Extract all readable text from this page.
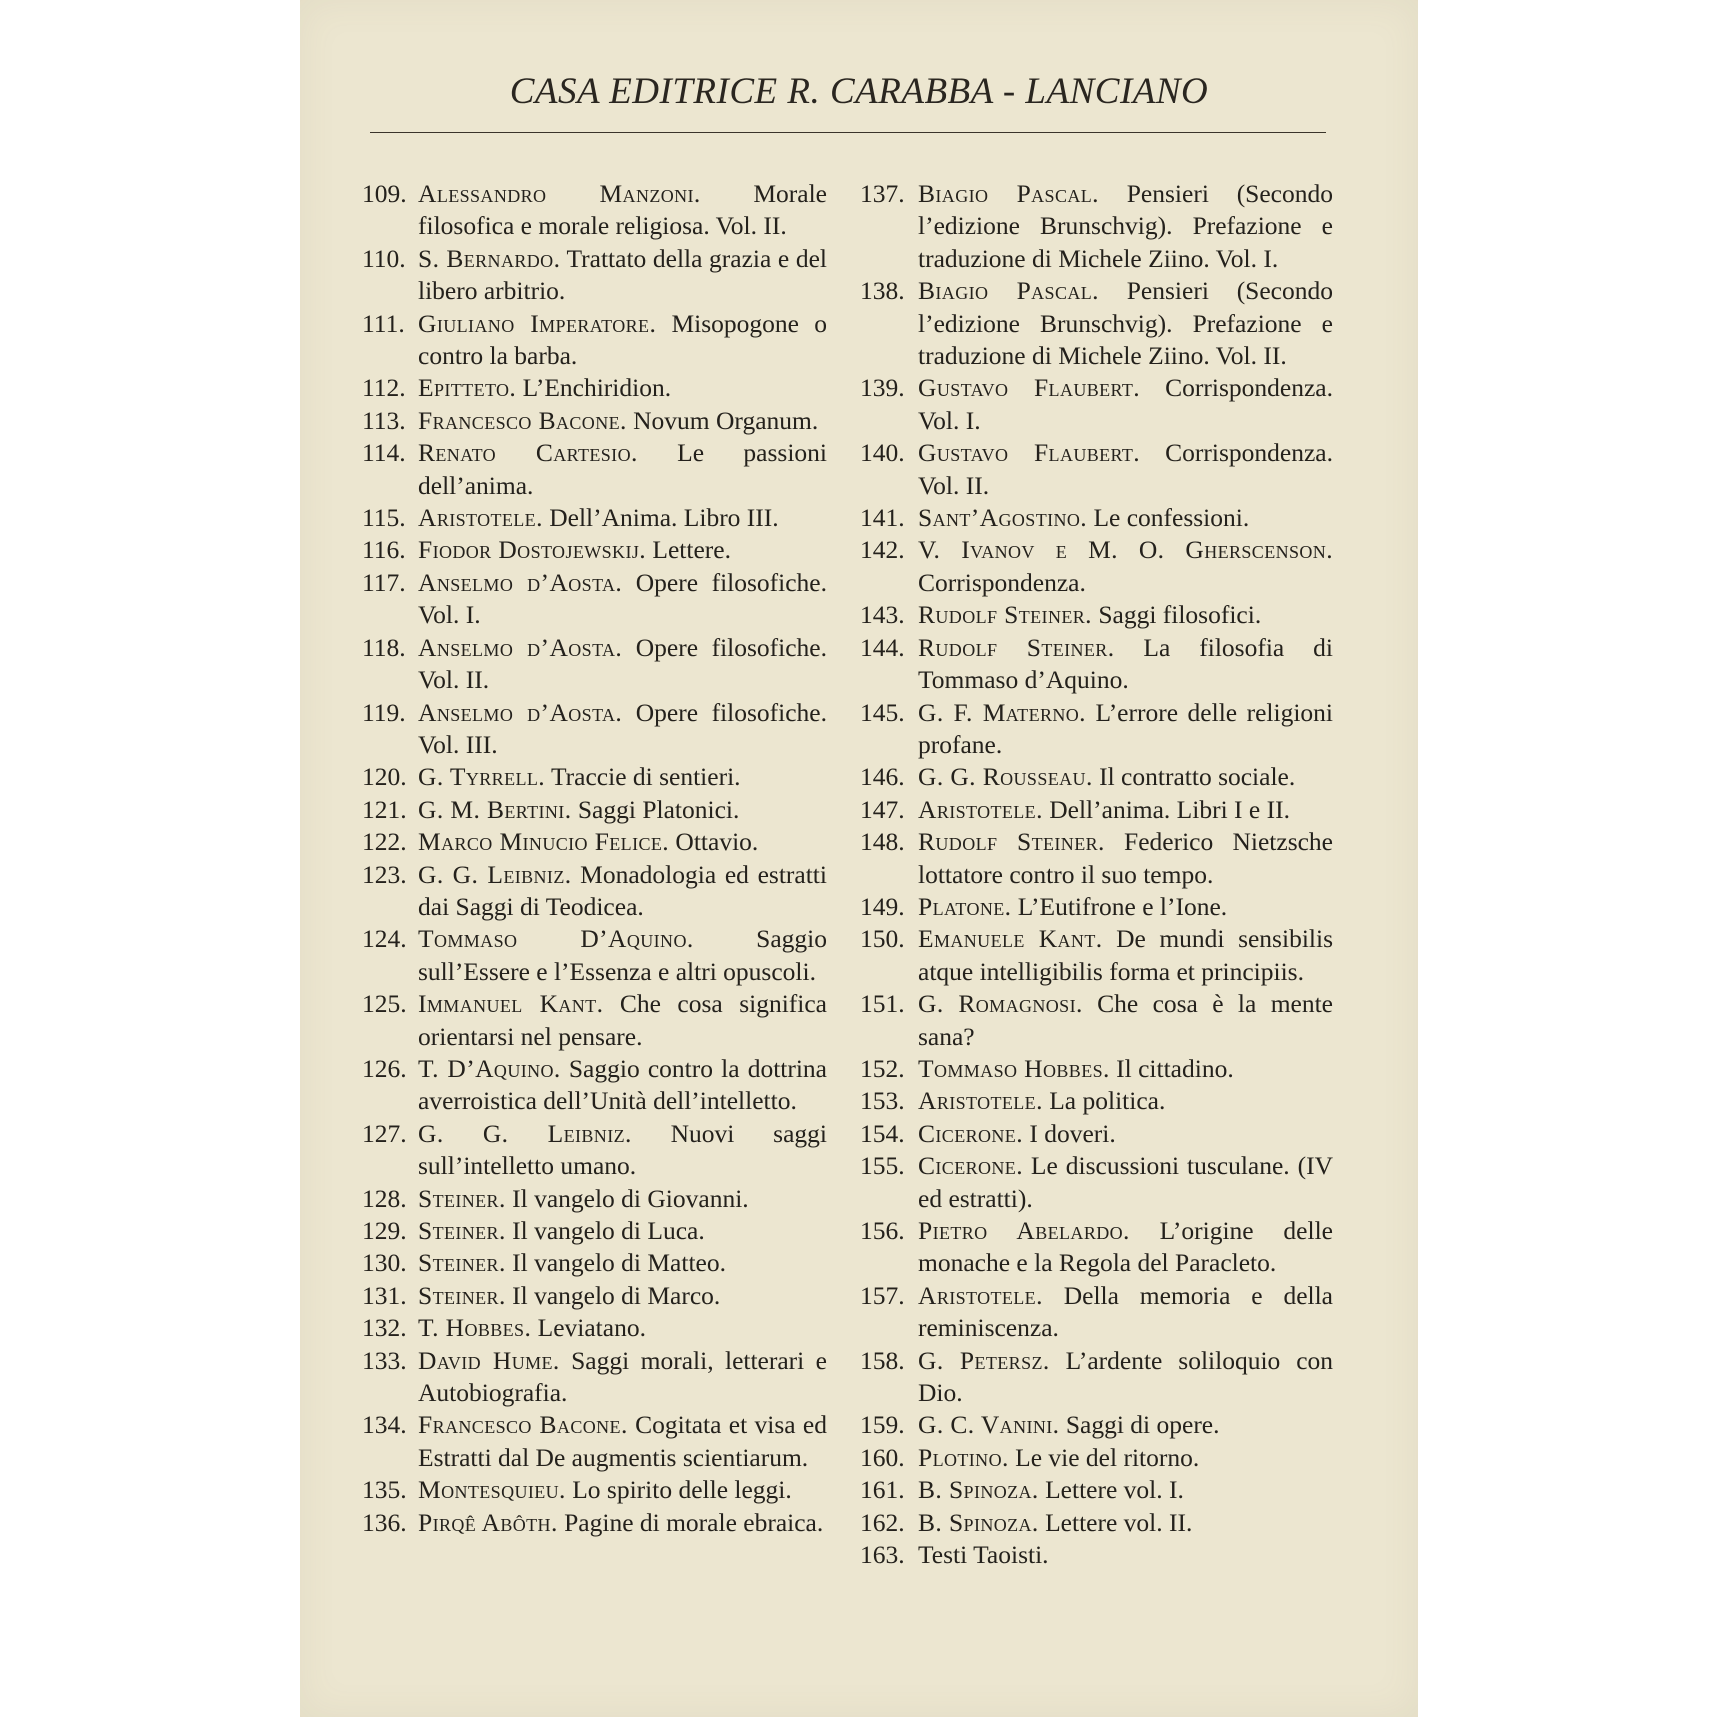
CASA EDITRICE R. CARABBA - LANCIANO
109. Alessandro Manzoni. Morale filosofica e morale religiosa. Vol. II.
110. S. Bernardo. Trattato della grazia e del libero arbitrio.
111. Giuliano Imperatore. Misopogone o contro la barba.
112. Epitteto. L’Enchiridion.
113. Francesco Bacone. Novum Organum.
114. Renato Cartesio. Le passioni dell’anima.
115. Aristotele. Dell’Anima. Libro III.
116. Fiodor Dostojewskij. Lettere.
117. Anselmo d’Aosta. Opere filosofiche. Vol. I.
118. Anselmo d’Aosta. Opere filosofiche. Vol. II.
119. Anselmo d’Aosta. Opere filosofiche. Vol. III.
120. G. Tyrrell. Traccie di sentieri.
121. G. M. Bertini. Saggi Platonici.
122. Marco Minucio Felice. Ottavio.
123. G. G. Leibniz. Monadologia ed estratti dai Saggi di Teodicea.
124. Tommaso D’Aquino. Saggio sull’Essere e l’Essenza e altri opuscoli.
125. Immanuel Kant. Che cosa significa orientarsi nel pensare.
126. T. D’Aquino. Saggio contro la dottrina averroistica dell’Unità dell’intelletto.
127. G. G. Leibniz. Nuovi saggi sull’intelletto umano.
128. Steiner. Il vangelo di Giovanni.
129. Steiner. Il vangelo di Luca.
130. Steiner. Il vangelo di Matteo.
131. Steiner. Il vangelo di Marco.
132. T. Hobbes. Leviatano.
133. David Hume. Saggi morali, letterari e Autobiografia.
134. Francesco Bacone. Cogitata et visa ed Estratti dal De augmentis scientiarum.
135. Montesquieu. Lo spirito delle leggi.
136. Pirqê Abôth. Pagine di morale ebraica.
137. Biagio Pascal. Pensieri (Secondo l’edizione Brunschvig). Prefazione e traduzione di Michele Ziino. Vol. I.
138. Biagio Pascal. Pensieri (Secondo l’edizione Brunschvig). Prefazione e traduzione di Michele Ziino. Vol. II.
139. Gustavo Flaubert. Corrispondenza. Vol. I.
140. Gustavo Flaubert. Corrispondenza. Vol. II.
141. Sant’Agostino. Le confessioni.
142. V. Ivanov e M. O. Gherscenson. Corrispondenza.
143. Rudolf Steiner. Saggi filosofici.
144. Rudolf Steiner. La filosofia di Tommaso d’Aquino.
145. G. F. Materno. L’errore delle religioni profane.
146. G. G. Rousseau. Il contratto sociale.
147. Aristotele. Dell’anima. Libri I e II.
148. Rudolf Steiner. Federico Nietzsche lottatore contro il suo tempo.
149. Platone. L’Eutifrone e l’Ione.
150. Emanuele Kant. De mundi sensibilis atque intelligibilis forma et principiis.
151. G. Romagnosi. Che cosa è la mente sana?
152. Tommaso Hobbes. Il cittadino.
153. Aristotele. La politica.
154. Cicerone. I doveri.
155. Cicerone. Le discussioni tusculane. (IV ed estratti).
156. Pietro Abelardo. L’origine delle monache e la Regola del Paracleto.
157. Aristotele. Della memoria e della reminiscenza.
158. G. Petersz. L’ardente soliloquio con Dio.
159. G. C. Vanini. Saggi di opere.
160. Plotino. Le vie del ritorno.
161. B. Spinoza. Lettere vol. I.
162. B. Spinoza. Lettere vol. II.
163. Testi Taoisti.
